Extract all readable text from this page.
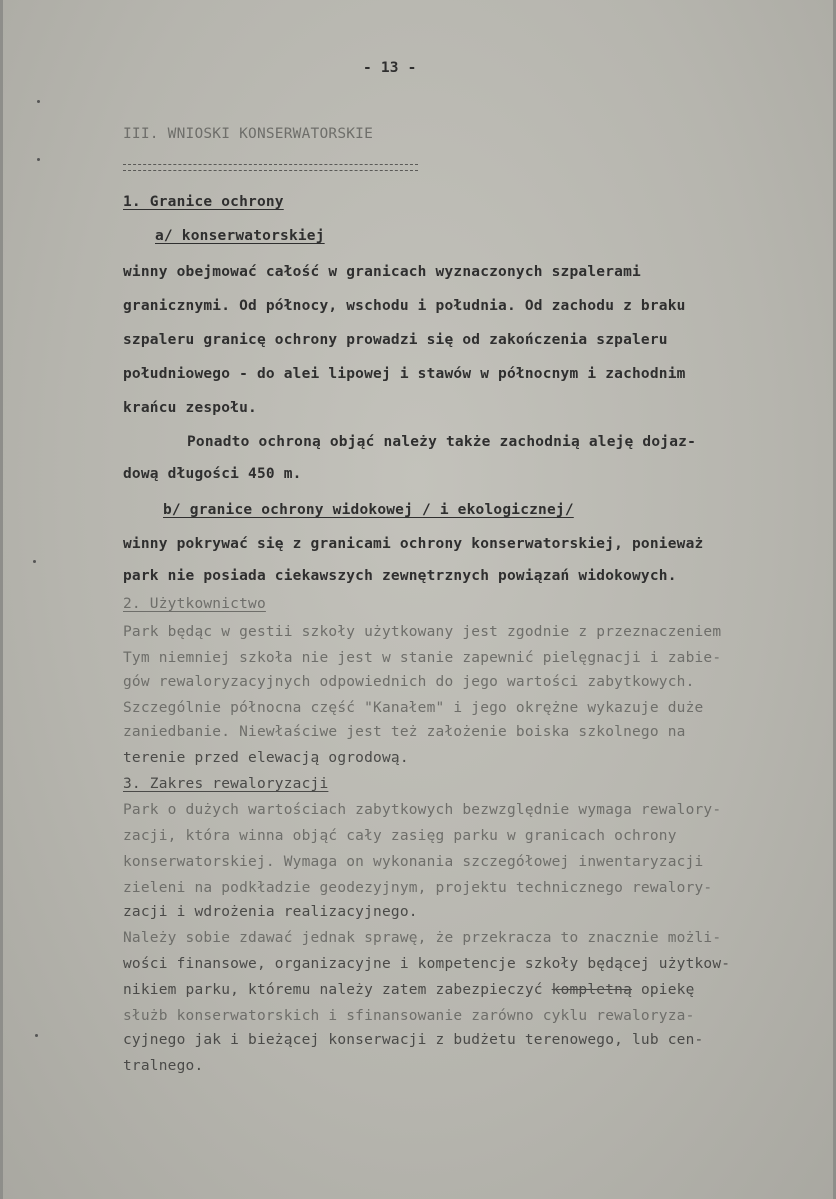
- 13 -
III. WNIOSKI KONSERWATORSKIE
1. Granice ochrony
a/ konserwatorskiej
winny obejmować całość w granicach wyznaczonych szpalerami
granicznymi. Od północy, wschodu i południa. Od zachodu z braku
szpaleru granicę ochrony prowadzi się od zakończenia szpaleru
południowego - do alei lipowej i stawów w północnym i zachodnim
krańcu zespołu.
Ponadto ochroną objąć należy także zachodnią aleję dojaz-
dową długości 450 m.
b/ granice ochrony widokowej / i ekologicznej/
winny pokrywać się z granicami ochrony konserwatorskiej, ponieważ
park nie posiada ciekawszych zewnętrznych powiązań widokowych.
2. Użytkownictwo
Park będąc w gestii szkoły użytkowany jest zgodnie z przeznaczeniem
Tym niemniej szkoła nie jest w stanie zapewnić pielęgnacji i zabie-
gów rewaloryzacyjnych odpowiednich do jego wartości zabytkowych.
Szczególnie północna część "Kanałem" i jego okrężne wykazuje duże
zaniedbanie. Niewłaściwe jest też założenie boiska szkolnego na
terenie przed elewacją ogrodową.
3. Zakres rewaloryzacji
Park o dużych wartościach zabytkowych bezwzględnie wymaga rewalory-
zacji, która winna objąć cały zasięg parku w granicach ochrony
konserwatorskiej. Wymaga on wykonania szczegółowej inwentaryzacji
zieleni na podkładzie geodezyjnym, projektu technicznego rewalory-
zacji i wdrożenia realizacyjnego.
Należy sobie zdawać jednak sprawę, że przekracza to znacznie możli-
wości finansowe, organizacyjne i kompetencje szkoły będącej użytkow-
nikiem parku, któremu należy zatem zabezpieczyć kompletną opiekę
służb konserwatorskich i sfinansowanie zarówno cyklu rewaloryza-
cyjnego jak i bieżącej konserwacji z budżetu terenowego, lub cen-
tralnego.
